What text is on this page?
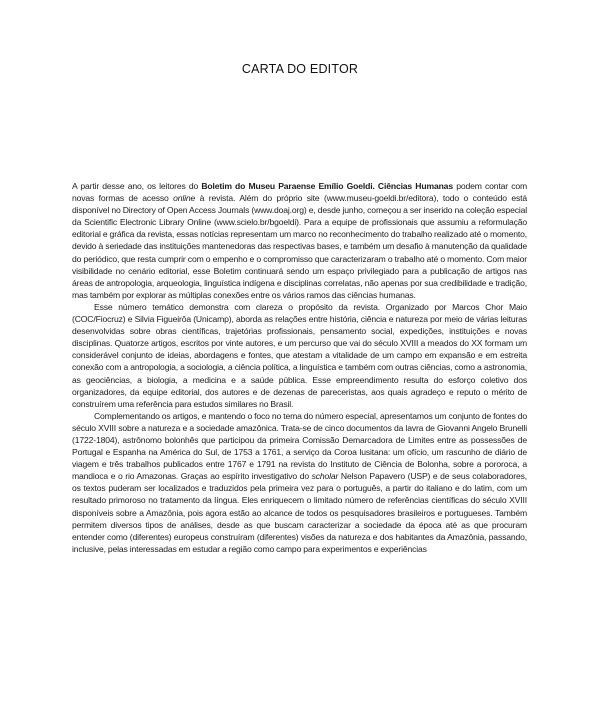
CARTA DO EDITOR

A partir desse ano, os leitores do Boletim do Museu Paraense Emílio Goeldi. Ciências Humanas podem contar com novas formas de acesso online à revista. Além do próprio site (www.museu-goeldi.br/editora), todo o conteúdo está disponível no Directory of Open Access Journals (www.doaj.org) e, desde junho, começou a ser inserido na coleção especial da Scientific Electronic Library Online (www.scielo.br/bgoeldi). Para a equipe de profissionais que assumiu a reformulação editorial e gráfica da revista, essas notícias representam um marco no reconhecimento do trabalho realizado até o momento, devido à seriedade das instituições mantenedoras das respectivas bases, e também um desafio à manutenção da qualidade do periódico, que resta cumprir com o empenho e o compromisso que caracterizaram o trabalho até o momento. Com maior visibilidade no cenário editorial, esse Boletim continuará sendo um espaço privilegiado para a publicação de artigos nas áreas de antropologia, arqueologia, linguística indígena e disciplinas correlatas, não apenas por sua credibilidade e tradição, mas também por explorar as múltiplas conexões entre os vários ramos das ciências humanas.

Esse número temático demonstra com clareza o propósito da revista. Organizado por Marcos Chor Maio (COC/Fiocruz) e Silvia Figueirôa (Unicamp), aborda as relações entre história, ciência e natureza por meio de várias leituras desenvolvidas sobre obras científicas, trajetórias profissionais, pensamento social, expedições, instituições e novas disciplinas. Quatorze artigos, escritos por vinte autores, e um percurso que vai do século XVIII a meados do XX formam um considerável conjunto de ideias, abordagens e fontes, que atestam a vitalidade de um campo em expansão e em estreita conexão com a antropologia, a sociologia, a ciência política, a linguística e também com outras ciências, como a astronomia, as geociências, a biologia, a medicina e a saúde pública. Esse empreendimento resulta do esforço coletivo dos organizadores, da equipe editorial, dos autores e de dezenas de pareceristas, aos quais agradeço e reputo o mérito de construírem uma referência para estudos similares no Brasil.

Complementando os artigos, e mantendo o foco no tema do número especial, apresentamos um conjunto de fontes do século XVIII sobre a natureza e a sociedade amazônica. Trata-se de cinco documentos da lavra de Giovanni Angelo Brunelli (1722-1804), astrônomo bolonhês que participou da primeira Comissão Demarcadora de Limites entre as possessões de Portugal e Espanha na América do Sul, de 1753 a 1761, a serviço da Coroa lusitana: um ofício, um rascunho de diário de viagem e três trabalhos publicados entre 1767 e 1791 na revista do Instituto de Ciência de Bolonha, sobre a pororoca, a mandioca e o rio Amazonas. Graças ao espírito investigativo do scholar Nelson Papavero (USP) e de seus colaboradores, os textos puderam ser localizados e traduzidos pela primeira vez para o português, a partir do italiano e do latim, com um resultado primoroso no tratamento da língua. Eles enriquecem o limitado número de referências científicas do século XVIII disponíveis sobre a Amazônia, pois agora estão ao alcance de todos os pesquisadores brasileiros e portugueses. Também permitem diversos tipos de análises, desde as que buscam caracterizar a sociedade da época até as que procuram entender como (diferentes) europeus construíram (diferentes) visões da natureza e dos habitantes da Amazônia, passando, inclusive, pelas interessadas em estudar a região como campo para experimentos e experiências
